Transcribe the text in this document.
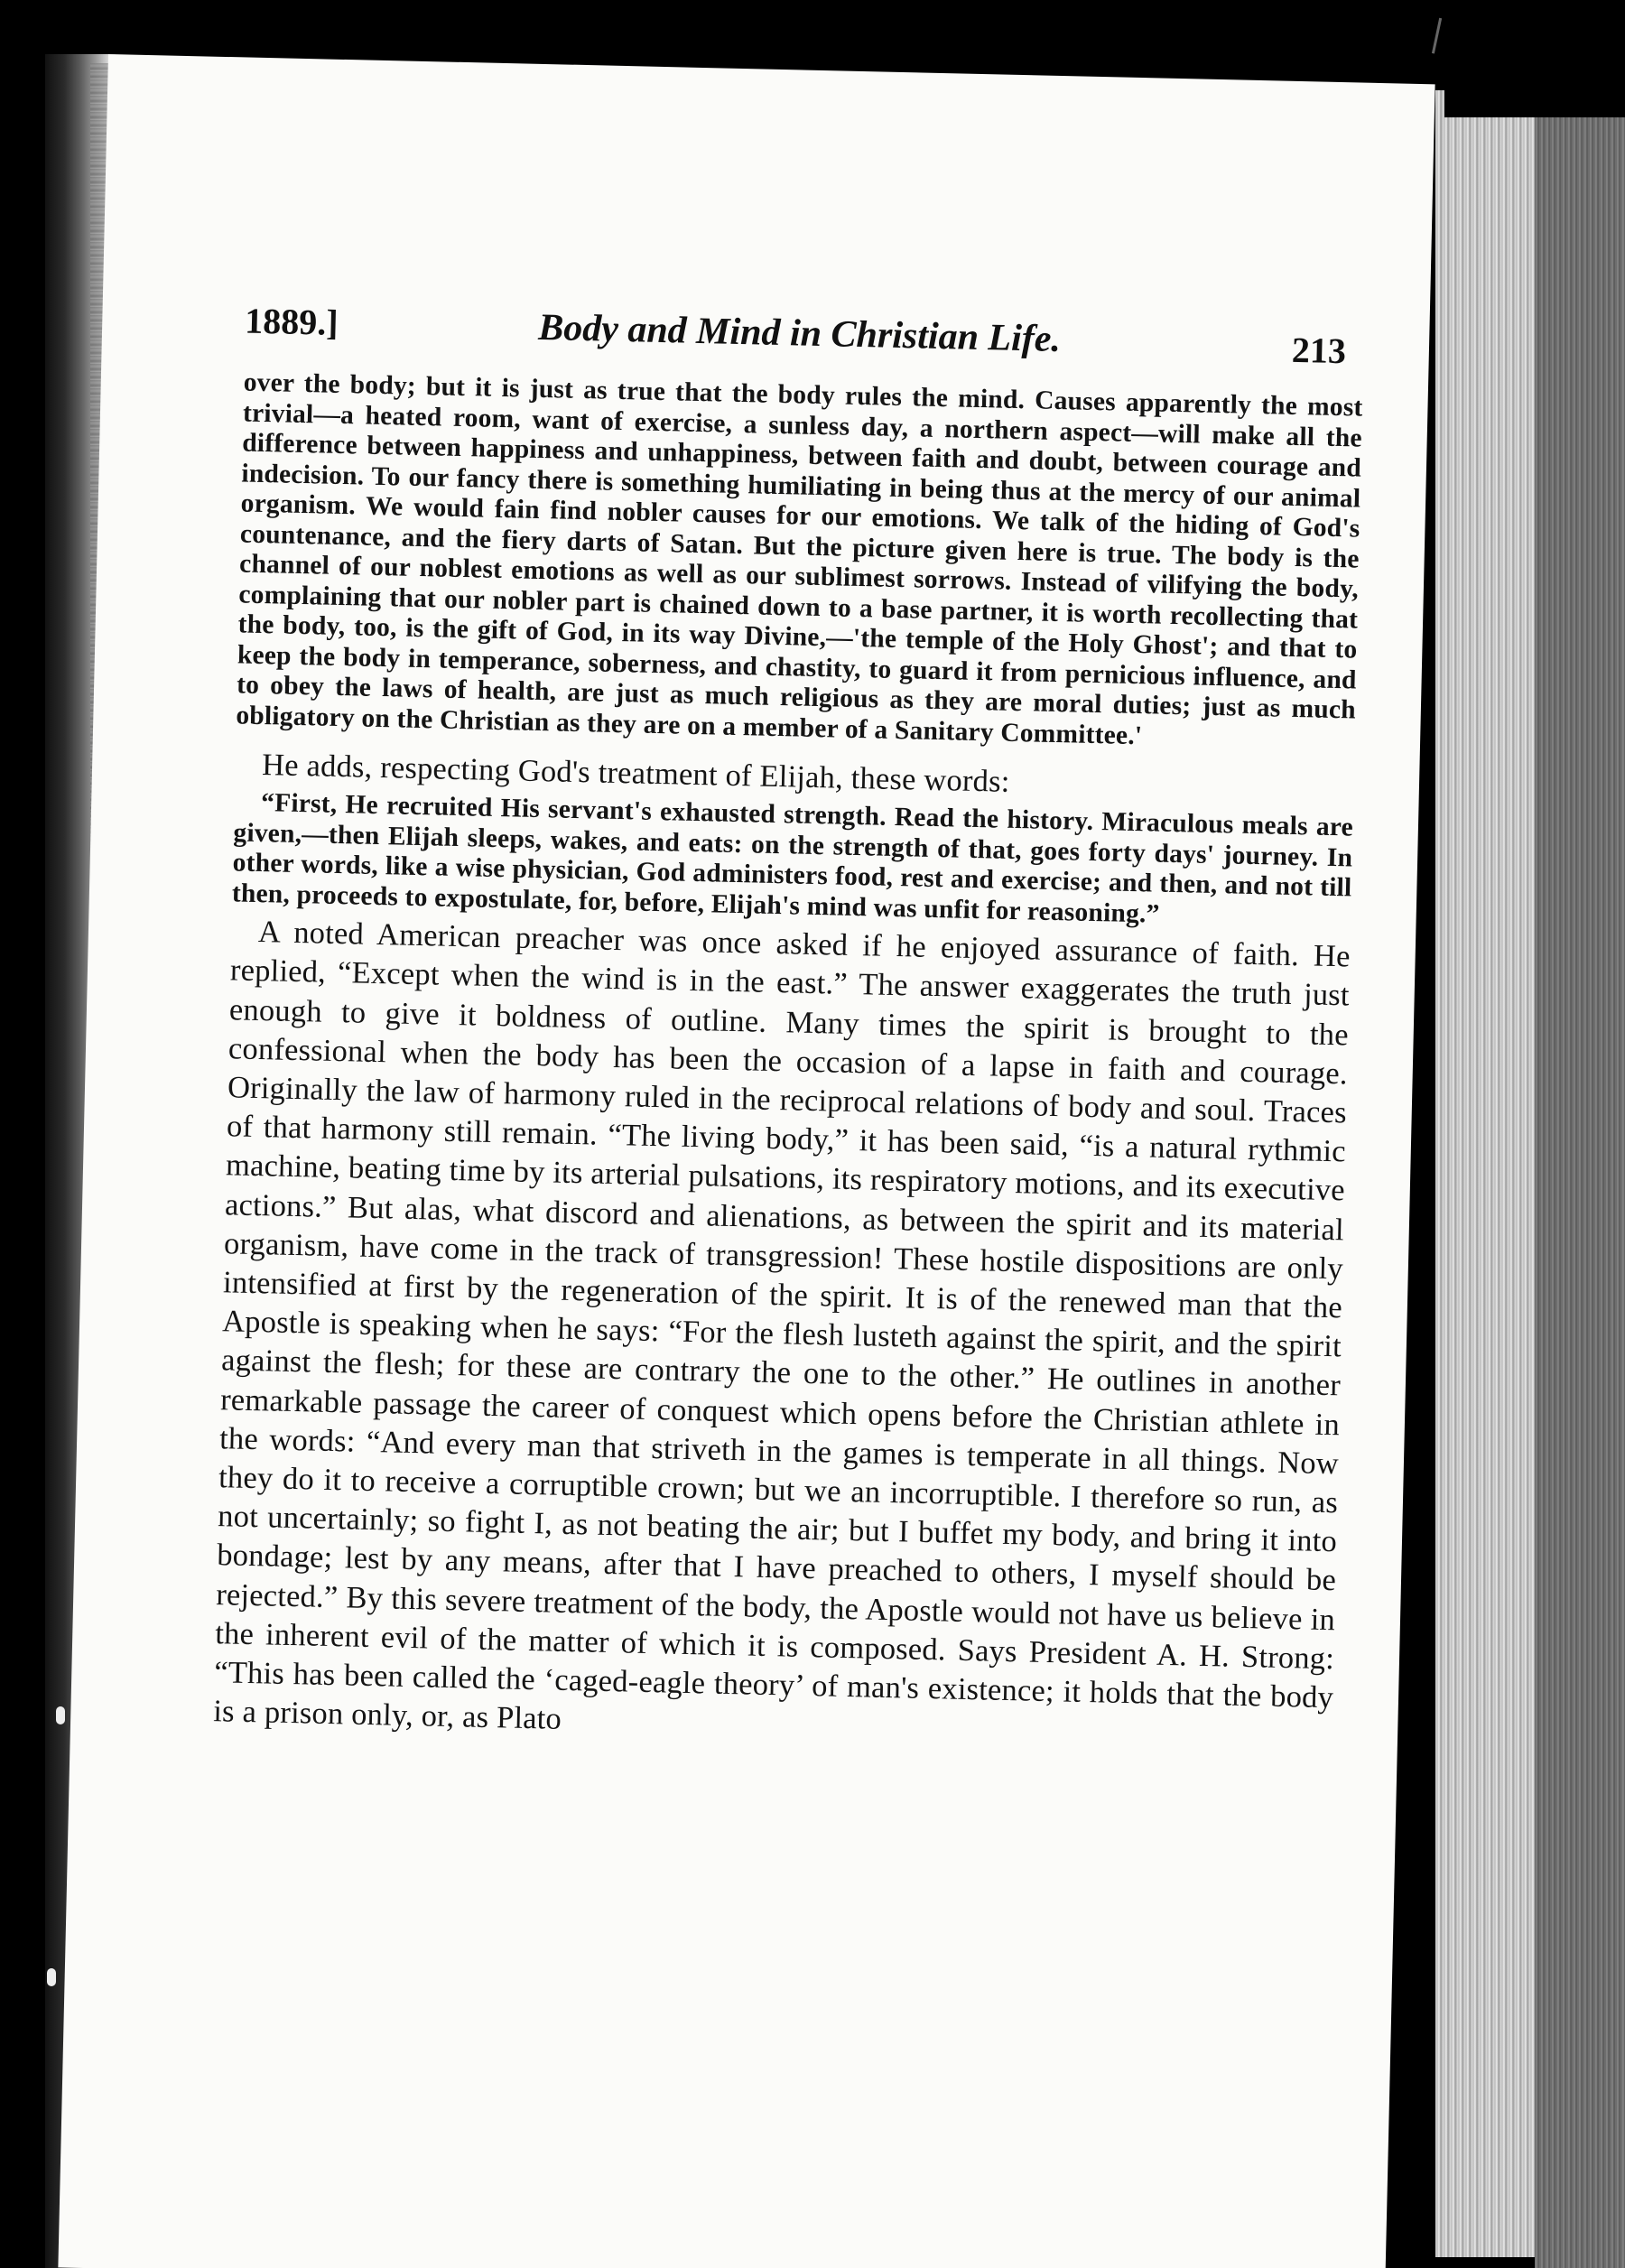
1889.]	Body and Mind in Christian Life.	213

over the body; but it is just as true that the body rules the mind. Causes apparently the most trivial—a heated room, want of exercise, a sunless day, a northern aspect—will make all the difference between happiness and unhappiness, between faith and doubt, between courage and indecision. To our fancy there is something humiliating in being thus at the mercy of our animal organism. We would fain find nobler causes for our emotions. We talk of the hiding of God's countenance, and the fiery darts of Satan. But the picture given here is true. The body is the channel of our noblest emotions as well as our sublimest sorrows. Instead of vilifying the body, complaining that our nobler part is chained down to a base partner, it is worth recollecting that the body, too, is the gift of God, in its way Divine,—'the temple of the Holy Ghost'; and that to keep the body in temperance, soberness, and chastity, to guard it from pernicious influence, and to obey the laws of health, are just as much religious as they are moral duties; just as much obligatory on the Christian as they are on a member of a Sanitary Committee.'

He adds, respecting God's treatment of Elijah, these words:

“First, He recruited His servant's exhausted strength. Read the history. Miraculous meals are given,—then Elijah sleeps, wakes, and eats: on the strength of that, goes forty days' journey. In other words, like a wise physician, God administers food, rest and exercise; and then, and not till then, proceeds to expostulate, for, before, Elijah's mind was unfit for reasoning.”

A noted American preacher was once asked if he enjoyed assurance of faith. He replied, “Except when the wind is in the east.” The answer exaggerates the truth just enough to give it boldness of outline. Many times the spirit is brought to the confessional when the body has been the occasion of a lapse in faith and courage. Originally the law of harmony ruled in the reciprocal relations of body and soul. Traces of that harmony still remain. “The living body,” it has been said, “is a natural rythmic machine, beating time by its arterial pulsations, its respiratory motions, and its executive actions.” But alas, what discord and alienations, as between the spirit and its material organism, have come in the track of transgression! These hostile dispositions are only intensified at first by the regeneration of the spirit. It is of the renewed man that the Apostle is speaking when he says: “For the flesh lusteth against the spirit, and the spirit against the flesh; for these are contrary the one to the other.” He outlines in another remarkable passage the career of conquest which opens before the Christian athlete in the words: “And every man that striveth in the games is temperate in all things. Now they do it to receive a corruptible crown; but we an incorruptible. I therefore so run, as not uncertainly; so fight I, as not beating the air; but I buffet my body, and bring it into bondage; lest by any means, after that I have preached to others, I myself should be rejected.” By this severe treatment of the body, the Apostle would not have us believe in the inherent evil of the matter of which it is composed. Says President A. H. Strong: “This has been called the ‘caged-eagle theory’ of man's existence; it holds that the body is a prison only, or, as Plato
